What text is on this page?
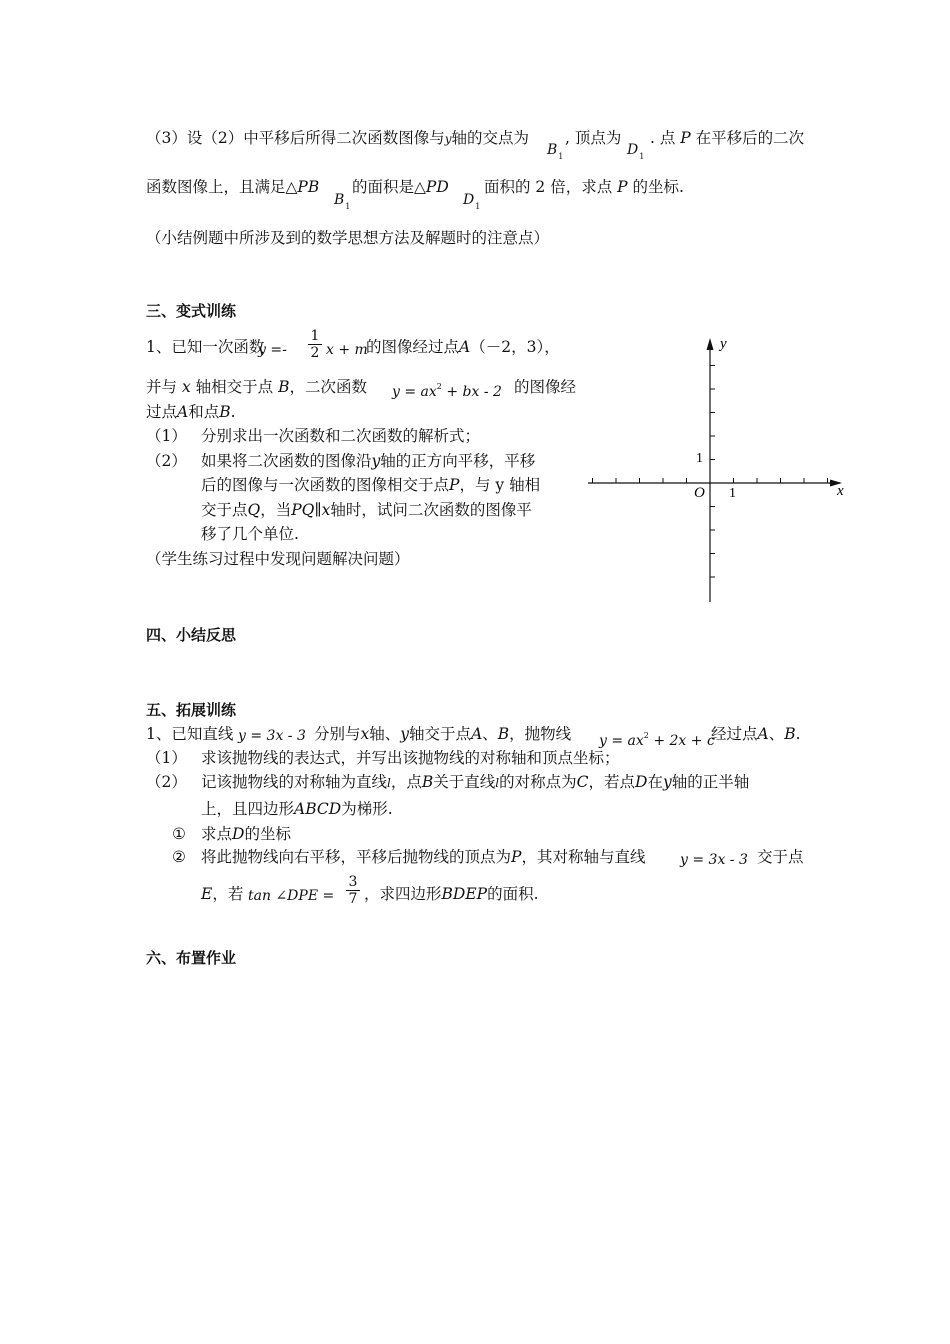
（3）设（2）中平移后所得二次函数图像与y轴的交点为
$B_1$
, 顶点为
$D_1$
. 点 P 在平移后的二次
函数图像上，且满足△PB
$B_1$
的面积是△PD
$D_1$
面积的 2 倍，求点 P 的坐标.
（小结例题中所涉及到的数学思想方法及解题时的注意点）
三、变式训练
1、已知一次函数
$y =- \frac{1}{2}$ x + m
的图像经过点A（－2，3），
并与 x 轴相交于点 B，二次函数 $y = ax^2$ + bx - 2 的图像经
过点A和点B.
（1） 分别求出一次函数和二次函数的解析式；
（2） 如果将二次函数的图像沿y轴的正方向平移，平移
后的图像与一次函数的图像相交于点P，与 y 轴相
交于点Q，当PQ∥x轴时，试问二次函数的图像平
移了几个单位.
（学生练习过程中发现问题解决问题）
y
x
O 1
1
四、小结反思
五、拓展训练
1、已知直线 y = 3x - 3 分别与x轴、y轴交于点A、B，抛物线 $y = ax^2 + 2x + c$
经过点A、B.
（1） 求该抛物线的表达式，并写出该抛物线的对称轴和顶点坐标；
（2） 记该抛物线的对称轴为直线l，点B关于直线l的对称点为C，若点D在y轴的正半轴
上，且四边形ABCD为梯形.
① 求点D的坐标
② 将此抛物线向右平移，平移后抛物线的顶点为P，其对称轴与直线 y = 3x - 3 交于点
E，若 tan ∠DPE = $\frac{3}{7}$ ，求四边形BDEP的面积.
六、布置作业
